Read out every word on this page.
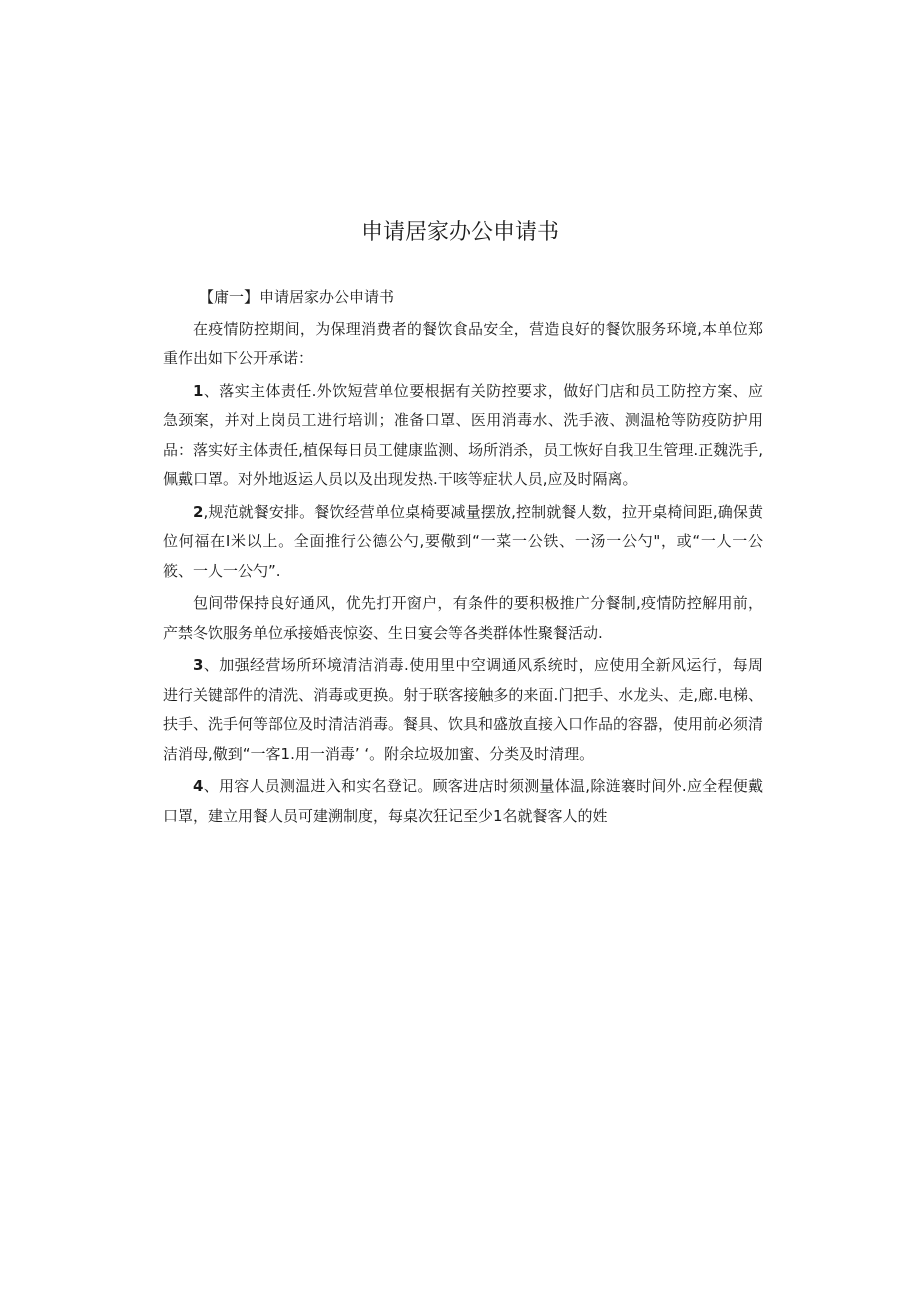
申请居家办公申请书

【庸一】申请居家办公申请书

在疫情防控期间，为保理消费者的餐饮食品安全，营造良好的餐饮服务环境,本单位郑重作出如下公开承诺：

1、落实主体责任.外饮短营单位要根据有关防控要求，做好门店和员工防控方案、应急颈案，并对上岗员工进行培训；准备口罩、医用消毒水、洗手液、测温枪等防疫防护用品：落实好主体责任,植保每日员工健康监测、场所消杀，员工恢好自我卫生管理.正魏洗手,佩戴口罩。对外地返运人员以及出现发热.干咳等症状人员,应及时隔离。

2,规范就餐安排。餐饮经营单位桌椅要减量摆放,控制就餐人数，拉开桌椅间距,确保黄位何福在I米以上。全面推行公德公勺,要儆到“一菜一公铁、一汤一公勺"，或“一人一公筱、一人一公勺”.

包间带保持良好通风，优先打开窗户，有条件的要积极推广分餐制,疫情防控解用前，产禁冬饮服务单位承接婚丧惊姿、生日宴会等各类群体性聚餐活动.

3、加强经营场所环境清洁消毒.使用里中空调通风系统时，应使用全新风运行，每周进行关键部件的清洗、消毒或更换。射于联客接触多的来面.门把手、水龙头、走,廊.电梯、扶手、洗手何等部位及时清洁消毒。餐具、饮具和盛放直接入口作品的容器，使用前必须清洁消母,儆到“一客1.用一消毒’ ‘。附余垃圾加蜜、分类及时清理。

4、用容人员测温进入和实名登记。顾客进店时须测量体温,除涟褰时间外.应全程便戴口罩，建立用餐人员可建溯制度，每桌次狂记至少1名就餐客人的姓
